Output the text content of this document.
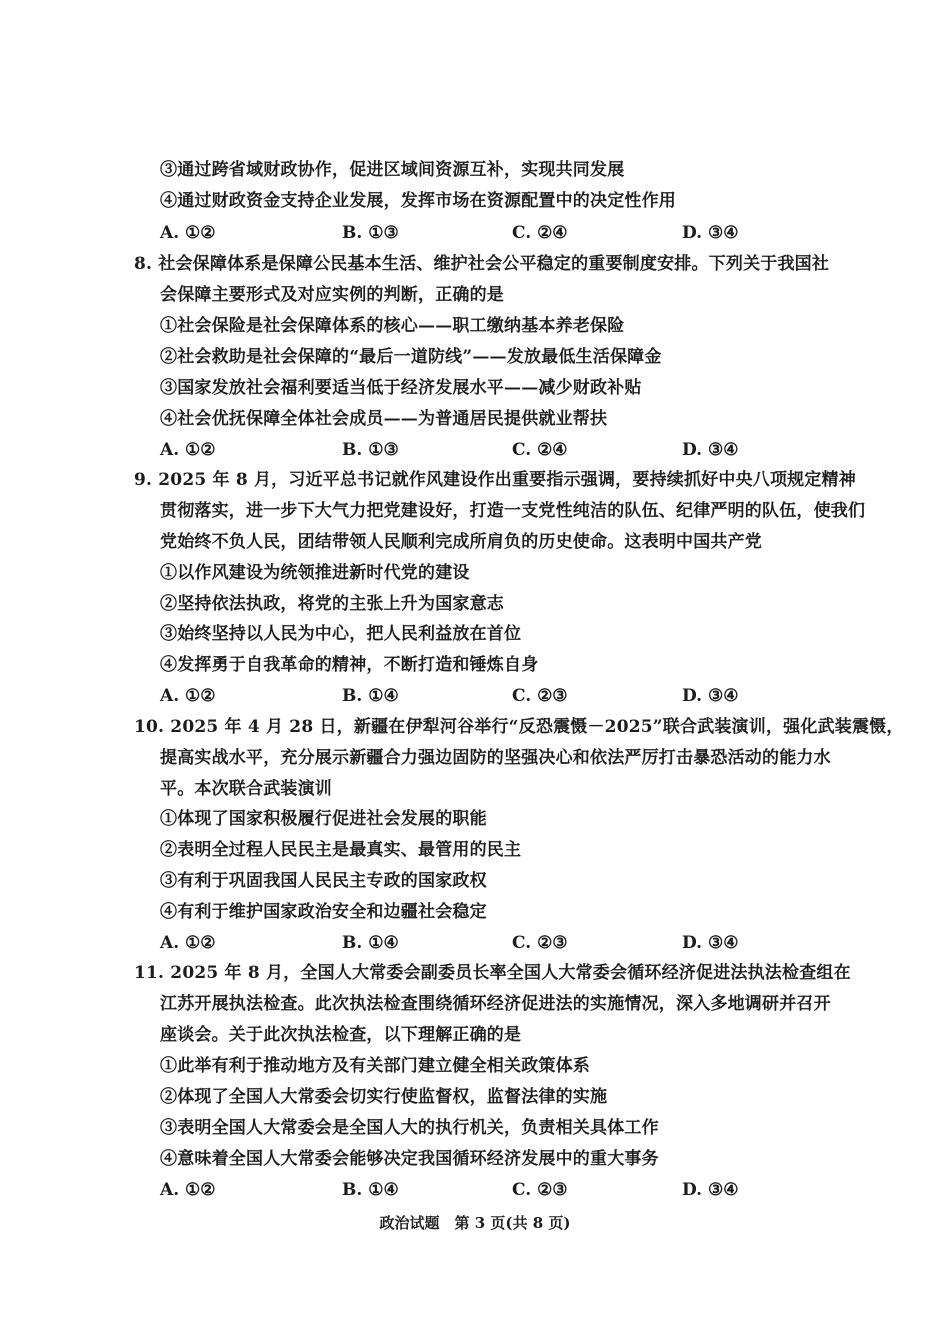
③通过跨省域财政协作，促进区域间资源互补，实现共同发展
④通过财政资金支持企业发展，发挥市场在资源配置中的决定性作用
A. ①②	B. ①③	C. ②④	D. ③④
8. 社会保障体系是保障公民基本生活、维护社会公平稳定的重要制度安排。下列关于我国社
会保障主要形式及对应实例的判断，正确的是
①社会保险是社会保障体系的核心——职工缴纳基本养老保险
②社会救助是社会保障的“最后一道防线”——发放最低生活保障金
③国家发放社会福利要适当低于经济发展水平——减少财政补贴
④社会优抚保障全体社会成员——为普通居民提供就业帮扶
A. ①②	B. ①③	C. ②④	D. ③④
9. 2025 年 8 月，习近平总书记就作风建设作出重要指示强调，要持续抓好中央八项规定精神
贯彻落实，进一步下大气力把党建设好，打造一支党性纯洁的队伍、纪律严明的队伍，使我们
党始终不负人民，团结带领人民顺利完成所肩负的历史使命。这表明中国共产党
①以作风建设为统领推进新时代党的建设
②坚持依法执政，将党的主张上升为国家意志
③始终坚持以人民为中心，把人民利益放在首位
④发挥勇于自我革命的精神，不断打造和锤炼自身
A. ①②	B. ①④	C. ②③	D. ③④
10. 2025 年 4 月 28 日，新疆在伊犁河谷举行“反恐震慑－2025”联合武装演训，强化武装震慑，
提高实战水平，充分展示新疆合力强边固防的坚强决心和依法严厉打击暴恐活动的能力水
平。本次联合武装演训
①体现了国家积极履行促进社会发展的职能
②表明全过程人民民主是最真实、最管用的民主
③有利于巩固我国人民民主专政的国家政权
④有利于维护国家政治安全和边疆社会稳定
A. ①②	B. ①④	C. ②③	D. ③④
11. 2025 年 8 月，全国人大常委会副委员长率全国人大常委会循环经济促进法执法检查组在
江苏开展执法检查。此次执法检查围绕循环经济促进法的实施情况，深入多地调研并召开
座谈会。关于此次执法检查，以下理解正确的是
①此举有利于推动地方及有关部门建立健全相关政策体系
②体现了全国人大常委会切实行使监督权，监督法律的实施
③表明全国人大常委会是全国人大的执行机关，负责相关具体工作
④意味着全国人大常委会能够决定我国循环经济发展中的重大事务
A. ①②	B. ①④	C. ②③	D. ③④
政治试题　第 3 页(共 8 页)
